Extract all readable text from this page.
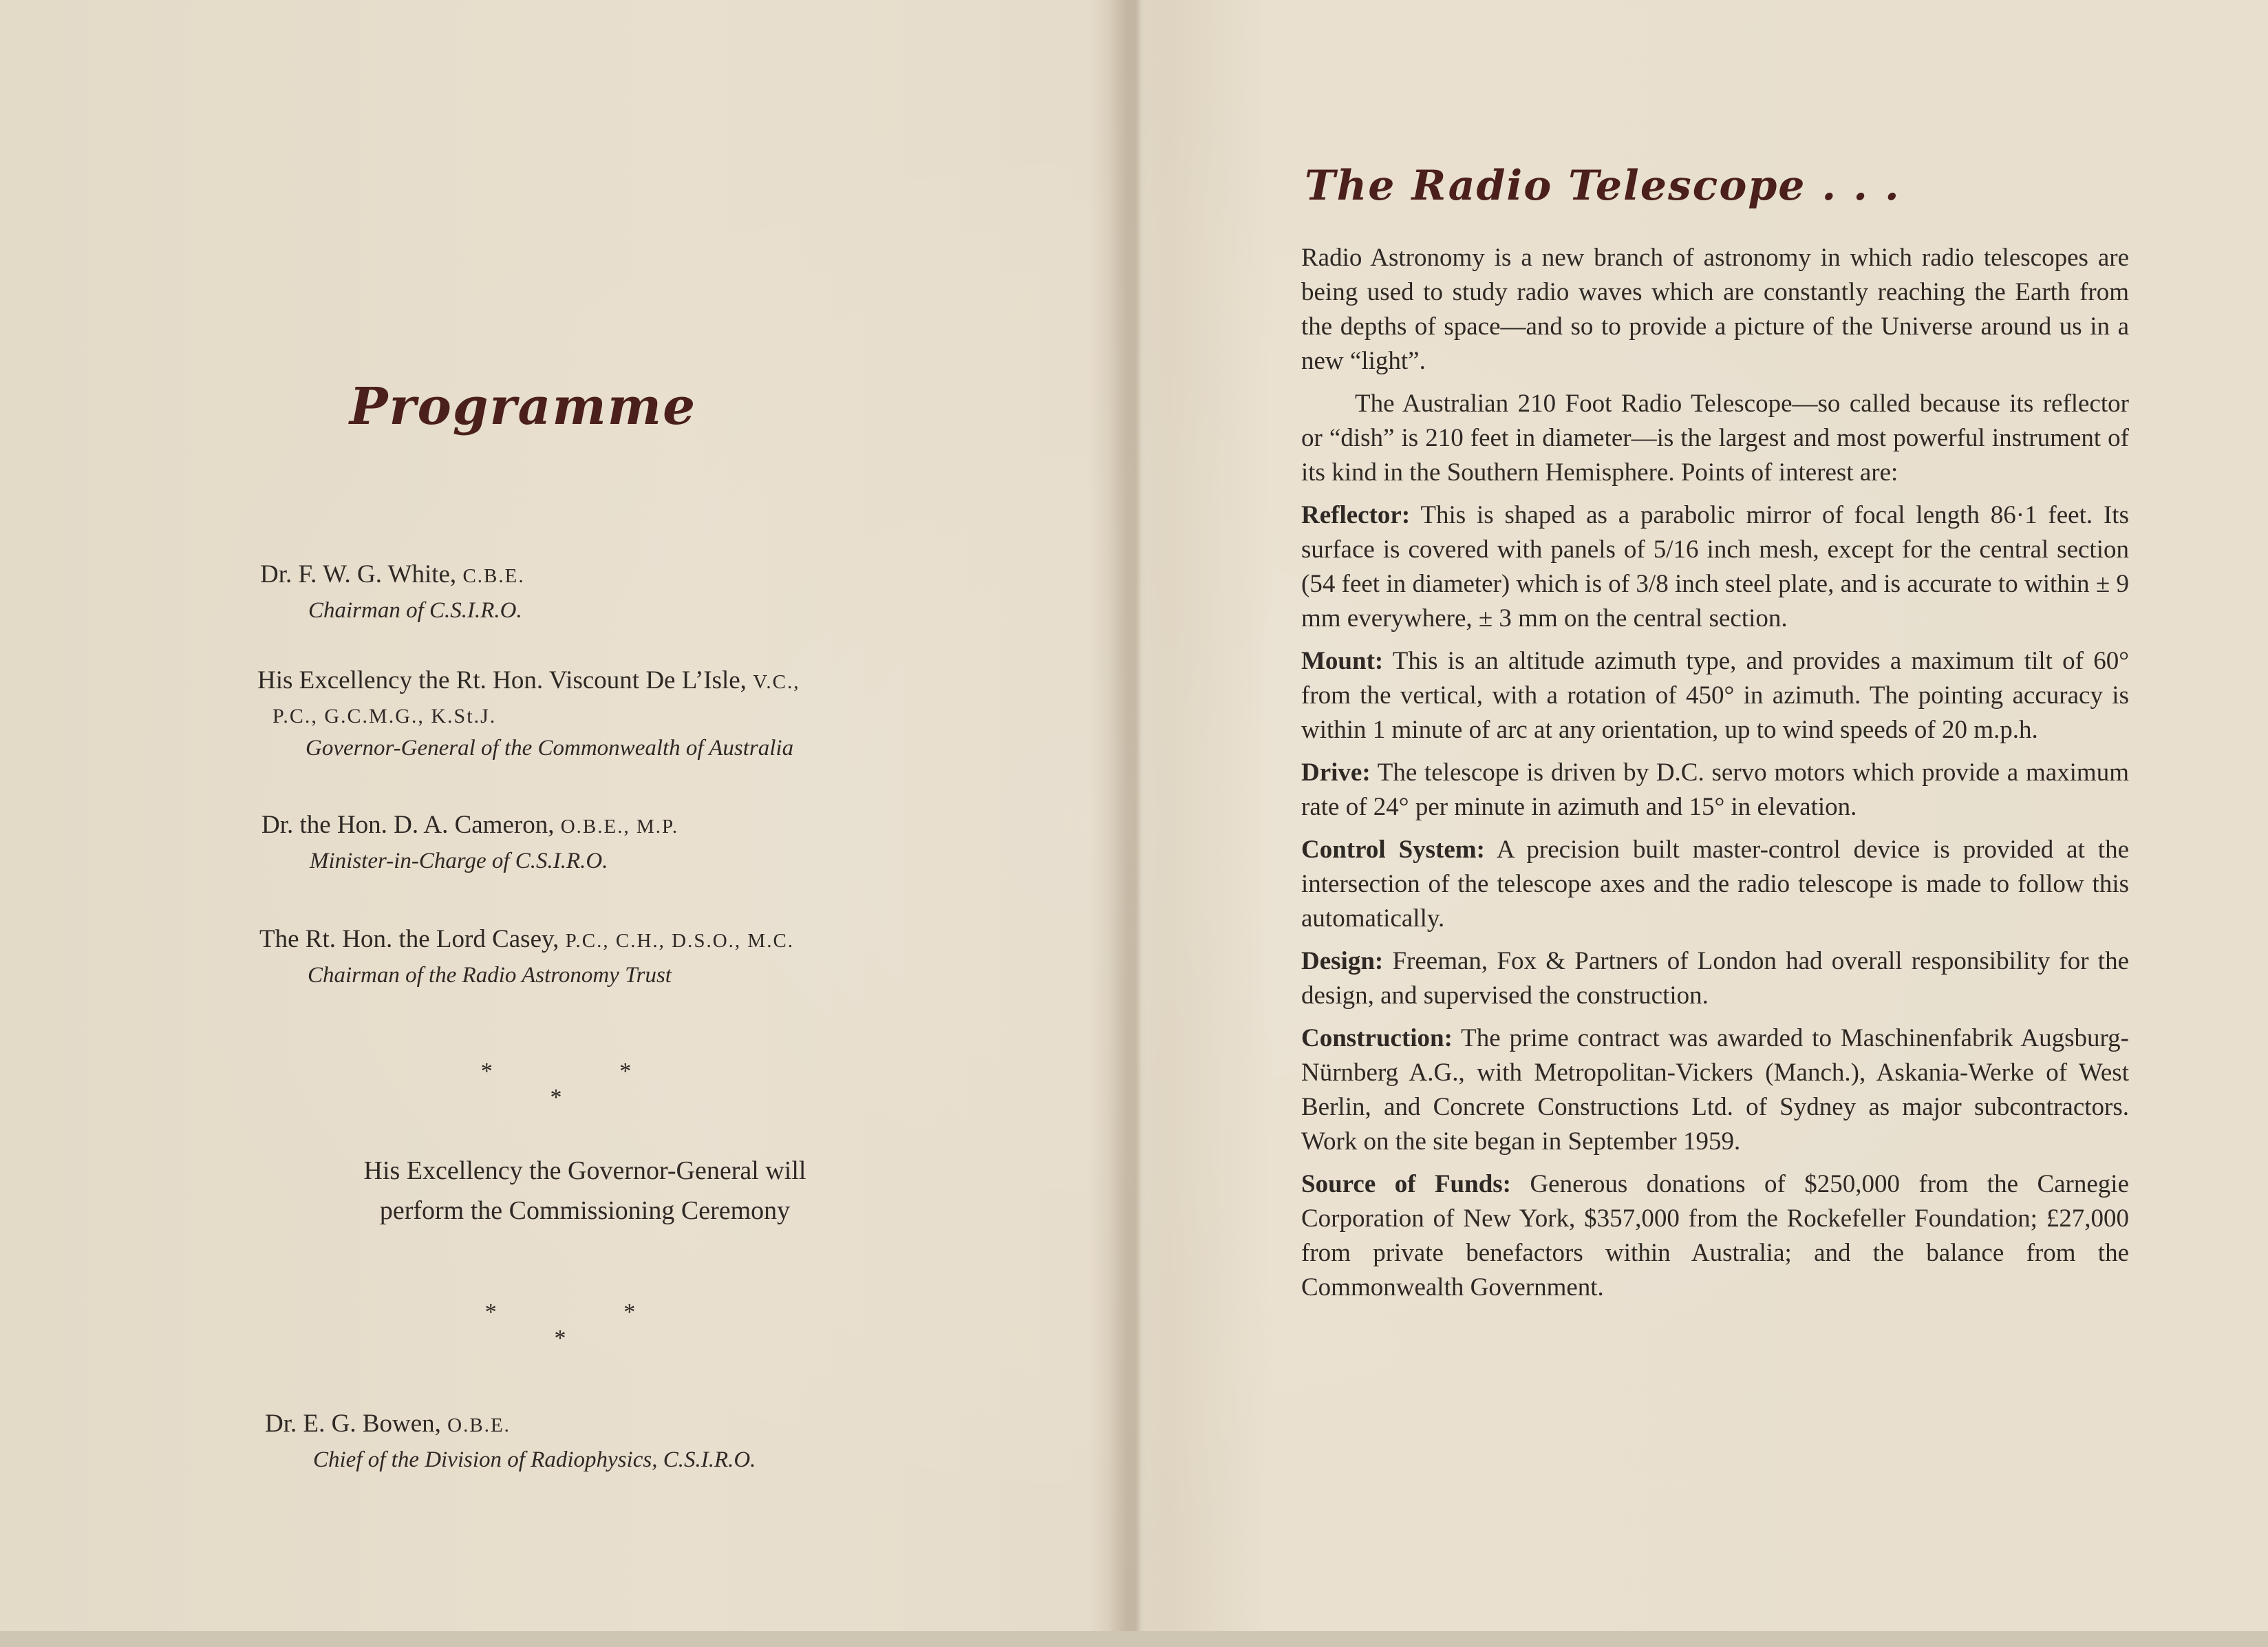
Programme
Dr. F. W. G. White, C.B.E.
Chairman of C.S.I.R.O.
His Excellency the Rt. Hon. Viscount De L’Isle, V.C.,
P.C., G.C.M.G., K.St.J.
Governor-General of the Commonwealth of Australia
Dr. the Hon. D. A. Cameron, O.B.E., M.P.
Minister-in-Charge of C.S.I.R.O.
The Rt. Hon. the Lord Casey, P.C., C.H., D.S.O., M.C.
Chairman of the Radio Astronomy Trust
* * *
His Excellency the Governor-General will
perform the Commissioning Ceremony
* * *
Dr. E. G. Bowen, O.B.E.
Chief of the Division of Radiophysics, C.S.I.R.O.
The Radio Telescope . . .

Radio Astronomy is a new branch of astronomy in which radio telescopes are being used to study radio waves which are constantly reaching the Earth from the depths of space—and so to provide a picture of the Universe around us in a new “light”.

The Australian 210 Foot Radio Telescope—so called because its reflector or “dish” is 210 feet in diameter—is the largest and most powerful instrument of its kind in the Southern Hemisphere. Points of interest are:

Reflector: This is shaped as a parabolic mirror of focal length 86·1 feet. Its surface is covered with panels of 5/16 inch mesh, except for the central section (54 feet in diameter) which is of 3/8 inch steel plate, and is accurate to within ± 9 mm everywhere, ± 3 mm on the central section.

Mount: This is an altitude azimuth type, and provides a maximum tilt of 60° from the vertical, with a rotation of 450° in azimuth. The pointing accuracy is within 1 minute of arc at any orientation, up to wind speeds of 20 m.p.h.

Drive: The telescope is driven by D.C. servo motors which provide a maximum rate of 24° per minute in azimuth and 15° in elevation.

Control System: A precision built master-control device is provided at the intersection of the telescope axes and the radio telescope is made to follow this automatically.

Design: Freeman, Fox & Partners of London had overall responsibility for the design, and supervised the construction.

Construction: The prime contract was awarded to Maschinenfabrik Augsburg-Nürnberg A.G., with Metropolitan-Vickers (Manch.), Askania-Werke of West Berlin, and Concrete Constructions Ltd. of Sydney as major subcontractors. Work on the site began in September 1959.

Source of Funds: Generous donations of $250,000 from the Carnegie Corporation of New York, $357,000 from the Rockefeller Foundation; £27,000 from private benefactors within Australia; and the balance from the Commonwealth Government.
